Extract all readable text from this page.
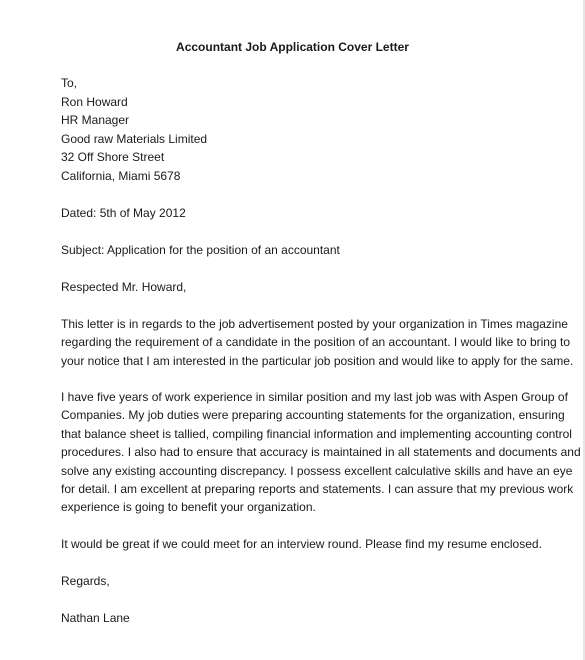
Accountant Job Application Cover Letter
To,
Ron Howard
HR Manager
Good raw Materials Limited
32 Off Shore Street
California, Miami 5678
Dated: 5th of May 2012
Subject: Application for the position of an accountant
Respected Mr. Howard,
This letter is in regards to the job advertisement posted by your organization in Times magazine
regarding the requirement of a candidate in the position of an accountant. I would like to bring to
your notice that I am interested in the particular job position and would like to apply for the same.
I have five years of work experience in similar position and my last job was with Aspen Group of
Companies. My job duties were preparing accounting statements for the organization, ensuring
that balance sheet is tallied, compiling financial information and implementing accounting control
procedures. I also had to ensure that accuracy is maintained in all statements and documents and
solve any existing accounting discrepancy. I possess excellent calculative skills and have an eye
for detail. I am excellent at preparing reports and statements. I can assure that my previous work
experience is going to benefit your organization.
It would be great if we could meet for an interview round. Please find my resume enclosed.
Regards,
Nathan Lane
